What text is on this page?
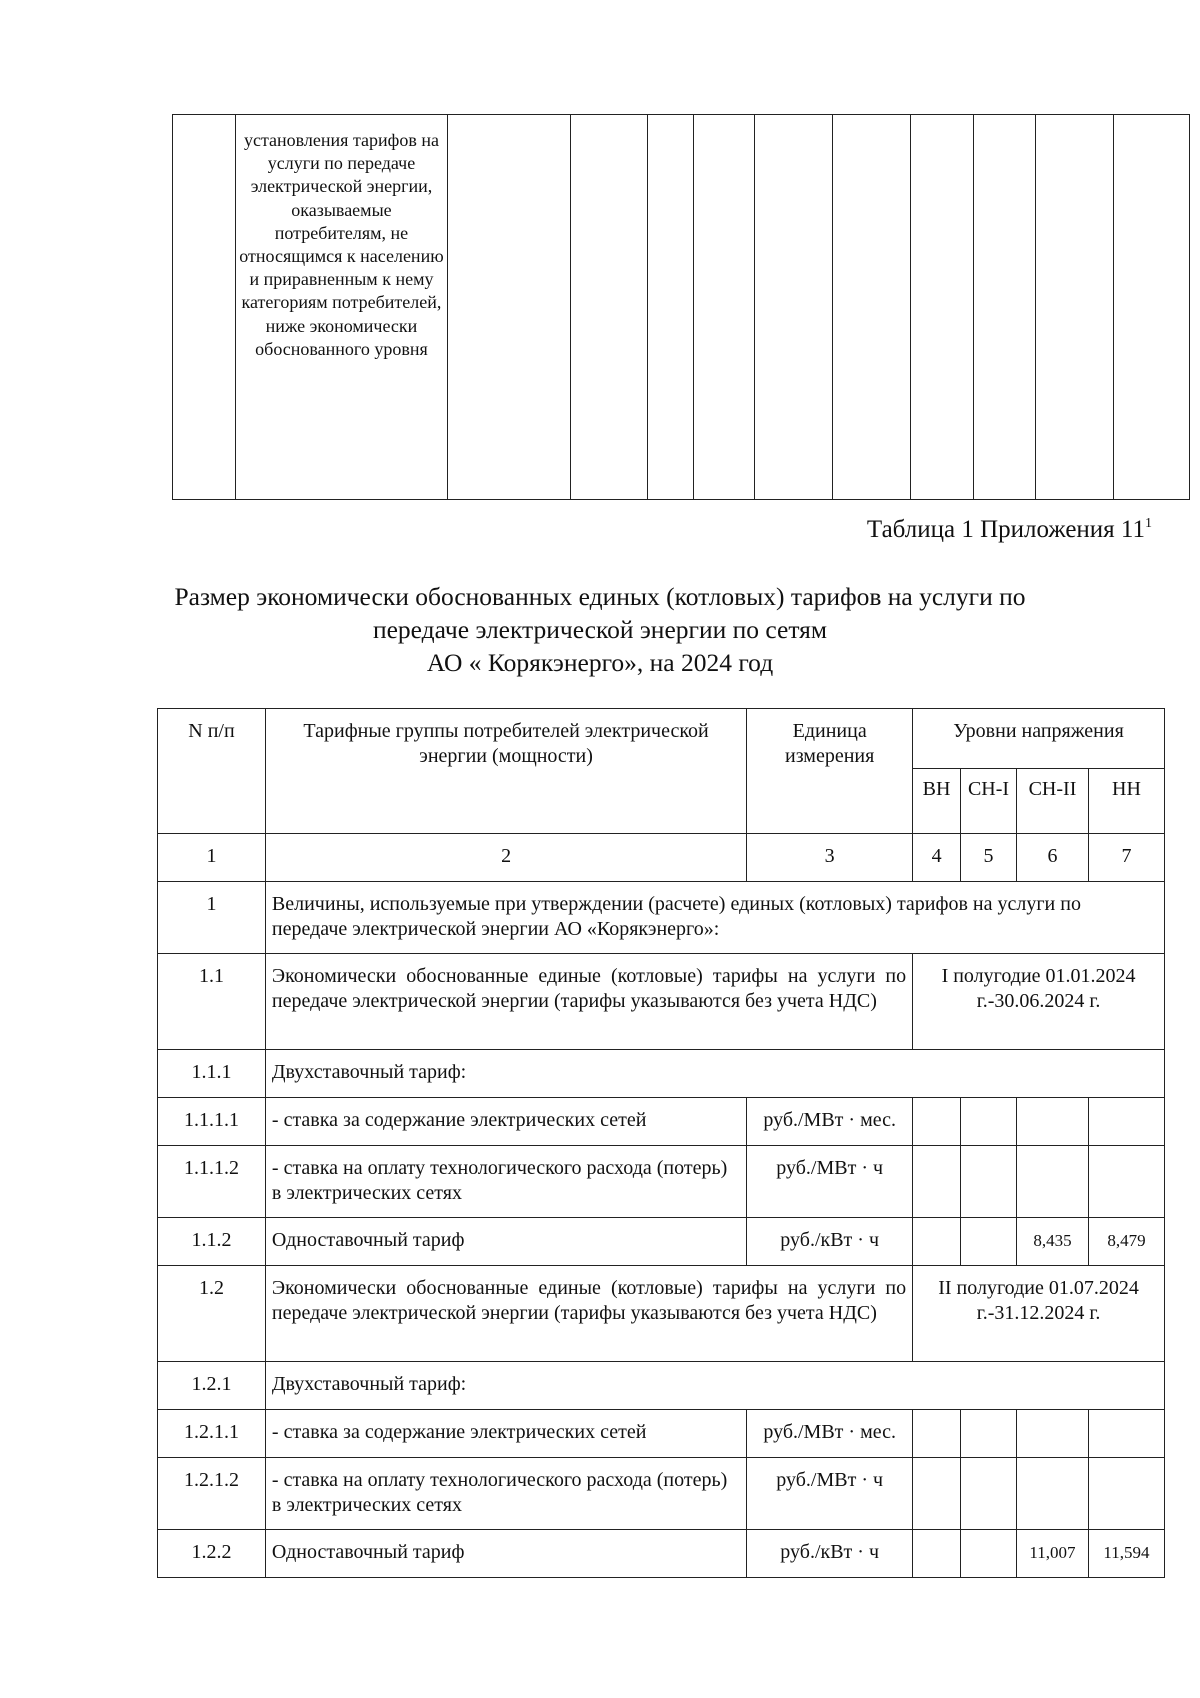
	установления тарифов на услуги по передаче электрической энергии, оказываемые потребителям, не относящимся к населению и приравненным к нему категориям потребителей, ниже экономически обоснованного уровня										
Таблица 1 Приложения $11^1$
Размер экономически обоснованных единых (котловых) тарифов на услуги по
передаче электрической энергии по сетям
АО « Корякэнерго», на 2024 год
N п/п	Тарифные группы потребителей электрической энергии (мощности)	Единица измерения	Уровни напряжения			
			ВН	СН-I	СН-II	НН
1	2	3	4	5	6	7
1	Величины, используемые при утверждении (расчете) единых (котловых) тарифов на услуги по передаче электрической энергии АО «Корякэнерго»:					
1.1	Экономически обоснованные единые (котловые) тарифы на услуги по передаче электрической энергии (тарифы указываются без учета НДС)		I полугодие 01.01.2024 г.-30.06.2024 г.			
1.1.1	Двухставочный тариф:					
1.1.1.1	- ставка за содержание электрических сетей	руб./МВт · мес.				
1.1.1.2	- ставка на оплату технологического расхода (потерь) в электрических сетях	руб./МВт · ч				
1.1.2	Одноставочный тариф	руб./кВт · ч			8,435	8,479
1.2	Экономически обоснованные единые (котловые) тарифы на услуги по передаче электрической энергии (тарифы указываются без учета НДС)		II полугодие 01.07.2024 г.-31.12.2024 г.			
1.2.1	Двухставочный тариф:					
1.2.1.1	- ставка за содержание электрических сетей	руб./МВт · мес.				
1.2.1.2	- ставка на оплату технологического расхода (потерь) в электрических сетях	руб./МВт · ч				
1.2.2	Одноставочный тариф	руб./кВт · ч			11,007	11,594
